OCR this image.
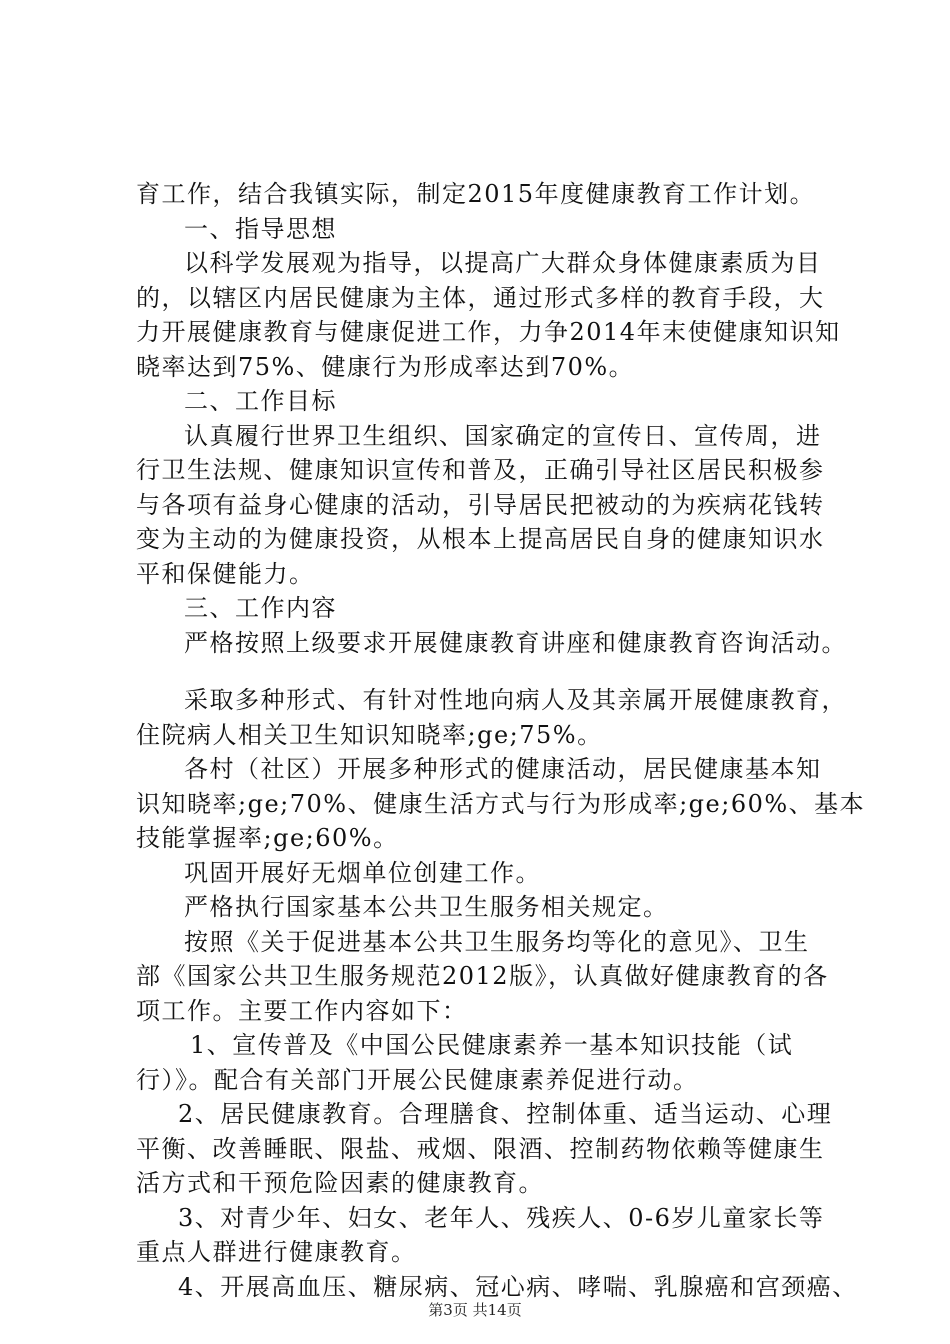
育工作，结合我镇实际，制定2015年度健康教育工作计划。
一、指导思想
以科学发展观为指导，以提高广大群众身体健康素质为目
的，以辖区内居民健康为主体，通过形式多样的教育手段，大
力开展健康教育与健康促进工作，力争2014年末使健康知识知
晓率达到75%、健康行为形成率达到70%。
二、工作目标
认真履行世界卫生组织、国家确定的宣传日、宣传周，进
行卫生法规、健康知识宣传和普及，正确引导社区居民积极参
与各项有益身心健康的活动，引导居民把被动的为疾病花钱转
变为主动的为健康投资，从根本上提高居民自身的健康知识水
平和保健能力。
三、工作内容
严格按照上级要求开展健康教育讲座和健康教育咨询活动。
采取多种形式、有针对性地向病人及其亲属开展健康教育，
住院病人相关卫生知识知晓率;ge;75%。
各村（社区）开展多种形式的健康活动，居民健康基本知
识知晓率;ge;70%、健康生活方式与行为形成率;ge;60%、基本
技能掌握率;ge;60%。
巩固开展好无烟单位创建工作。
严格执行国家基本公共卫生服务相关规定。
按照《关于促进基本公共卫生服务均等化的意见》、卫生
部《国家公共卫生服务规范2012版》，认真做好健康教育的各
项工作。主要工作内容如下：
1、宣传普及《中国公民健康素养一基本知识技能（试
行）》。配合有关部门开展公民健康素养促进行动。
2、居民健康教育。合理膳食、控制体重、适当运动、心理
平衡、改善睡眠、限盐、戒烟、限酒、控制药物依赖等健康生
活方式和干预危险因素的健康教育。
3、对青少年、妇女、老年人、残疾人、0-6岁儿童家长等
重点人群进行健康教育。
4、开展高血压、糖尿病、冠心病、哮喘、乳腺癌和宫颈癌、
第3页 共14页
